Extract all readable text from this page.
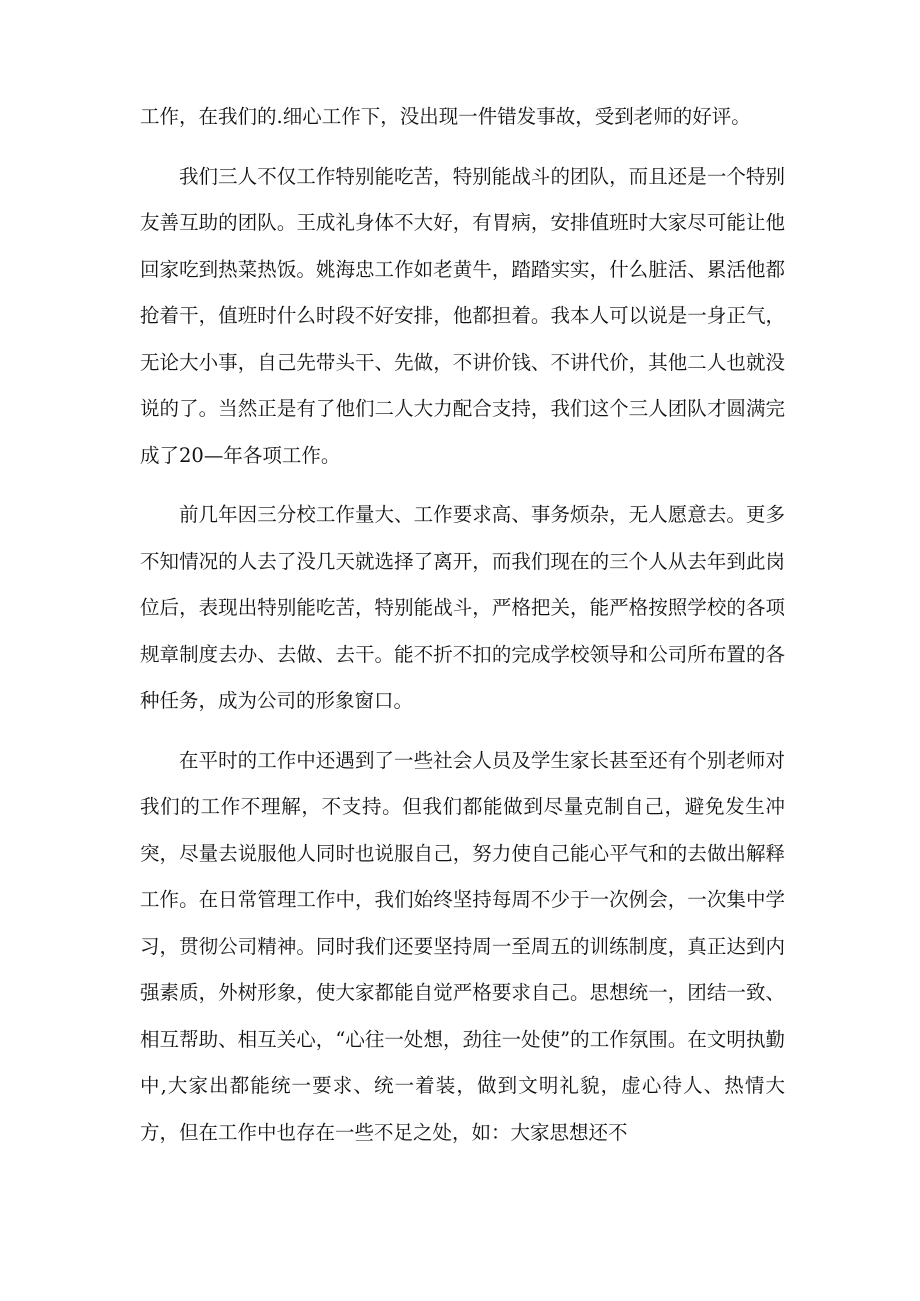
工作，在我们的.细心工作下，没出现一件错发事故，受到老师的好评。

我们三人不仅工作特别能吃苦，特别能战斗的团队，而且还是一个特别友善互助的团队。王成礼身体不大好，有胃病，安排值班时大家尽可能让他回家吃到热菜热饭。姚海忠工作如老黄牛，踏踏实实，什么脏活、累活他都抢着干，值班时什么时段不好安排，他都担着。我本人可以说是一身正气，无论大小事，自己先带头干、先做，不讲价钱、不讲代价，其他二人也就没说的了。当然正是有了他们二人大力配合支持，我们这个三人团队才圆满完成了20—年各项工作。

前几年因三分校工作量大、工作要求高、事务烦杂，无人愿意去。更多不知情况的人去了没几天就选择了离开，而我们现在的三个人从去年到此岗位后，表现出特别能吃苦，特别能战斗，严格把关，能严格按照学校的各项规章制度去办、去做、去干。能不折不扣的完成学校领导和公司所布置的各种任务，成为公司的形象窗口。

在平时的工作中还遇到了一些社会人员及学生家长甚至还有个别老师对我们的工作不理解，不支持。但我们都能做到尽量克制自己，避免发生冲突，尽量去说服他人同时也说服自己，努力使自己能心平气和的去做出解释工作。在日常管理工作中，我们始终坚持每周不少于一次例会，一次集中学习，贯彻公司精神。同时我们还要坚持周一至周五的训练制度，真正达到内强素质，外树形象，使大家都能自觉严格要求自己。思想统一，团结一致、相互帮助、相互关心，“心往一处想，劲往一处使”的工作氛围。在文明执勤中,大家出都能统一要求、统一着装，做到文明礼貌，虚心待人、热情大方，但在工作中也存在一些不足之处，如：大家思想还不
